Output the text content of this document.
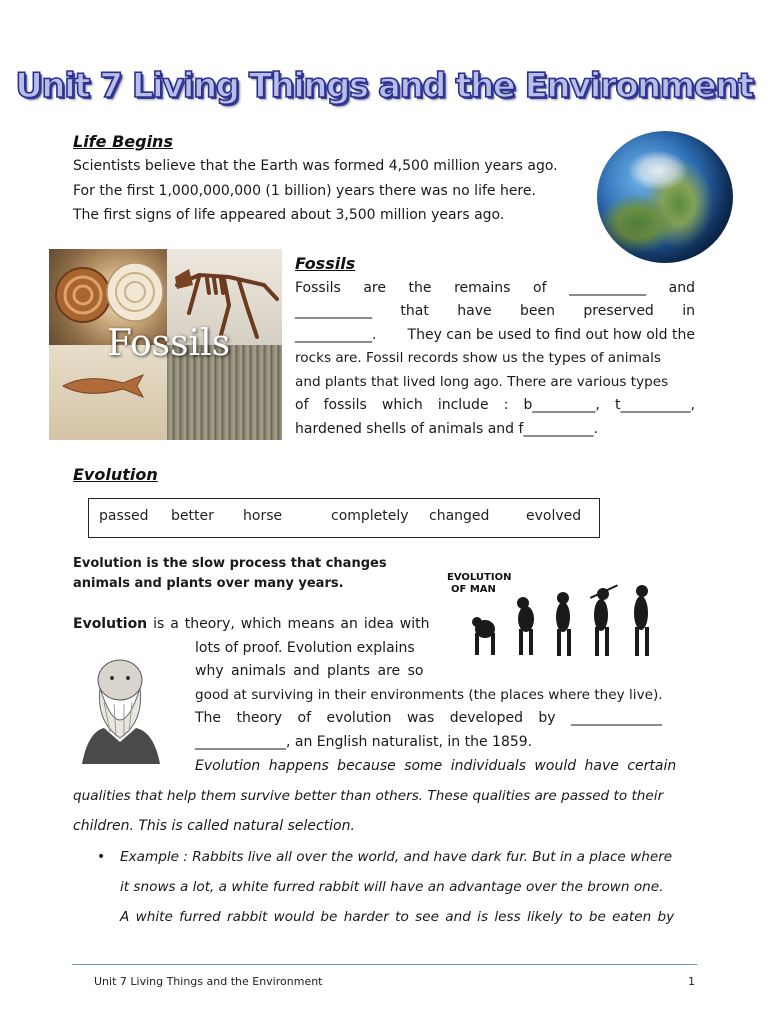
Unit 7 Living Things and the Environment
Life Begins
Scientists believe that the Earth was formed 4,500 million years ago.
For the first 1,000,000,000 (1 billion) years there was no life here.
The first signs of life appeared about 3,500 million years ago.
Fossils
Fossils
Fossils are the remains of ___________ and
___________ that have been preserved in
___________. They can be used to find out how old the
rocks are. Fossil records show us the types of animals
and plants that lived long ago. There are various types
of fossils which include : b_________, t__________,
hardened shells of animals and f__________.
Evolution
passed better horse	completely changed	evolved
Evolution is the slow process that changes
animals and plants over many years.	EVOLUTION
OF MAN
Evolution is a theory, which means an idea with
lots of proof. Evolution explains
why animals and plants are so
good at surviving in their environments (the places where they live).
The theory of evolution was developed by _____________
_____________, an English naturalist, in the 1859.
Evolution happens because some individuals would have certain
qualities that help them survive better than others. These qualities are passed to their
children. This is called natural selection.
• Example : Rabbits live all over the world, and have dark fur. But in a place where
it snows a lot, a white furred rabbit will have an advantage over the brown one.
A white furred rabbit would be harder to see and is less likely to be eaten by
Unit 7 Living Things and the Environment	1
